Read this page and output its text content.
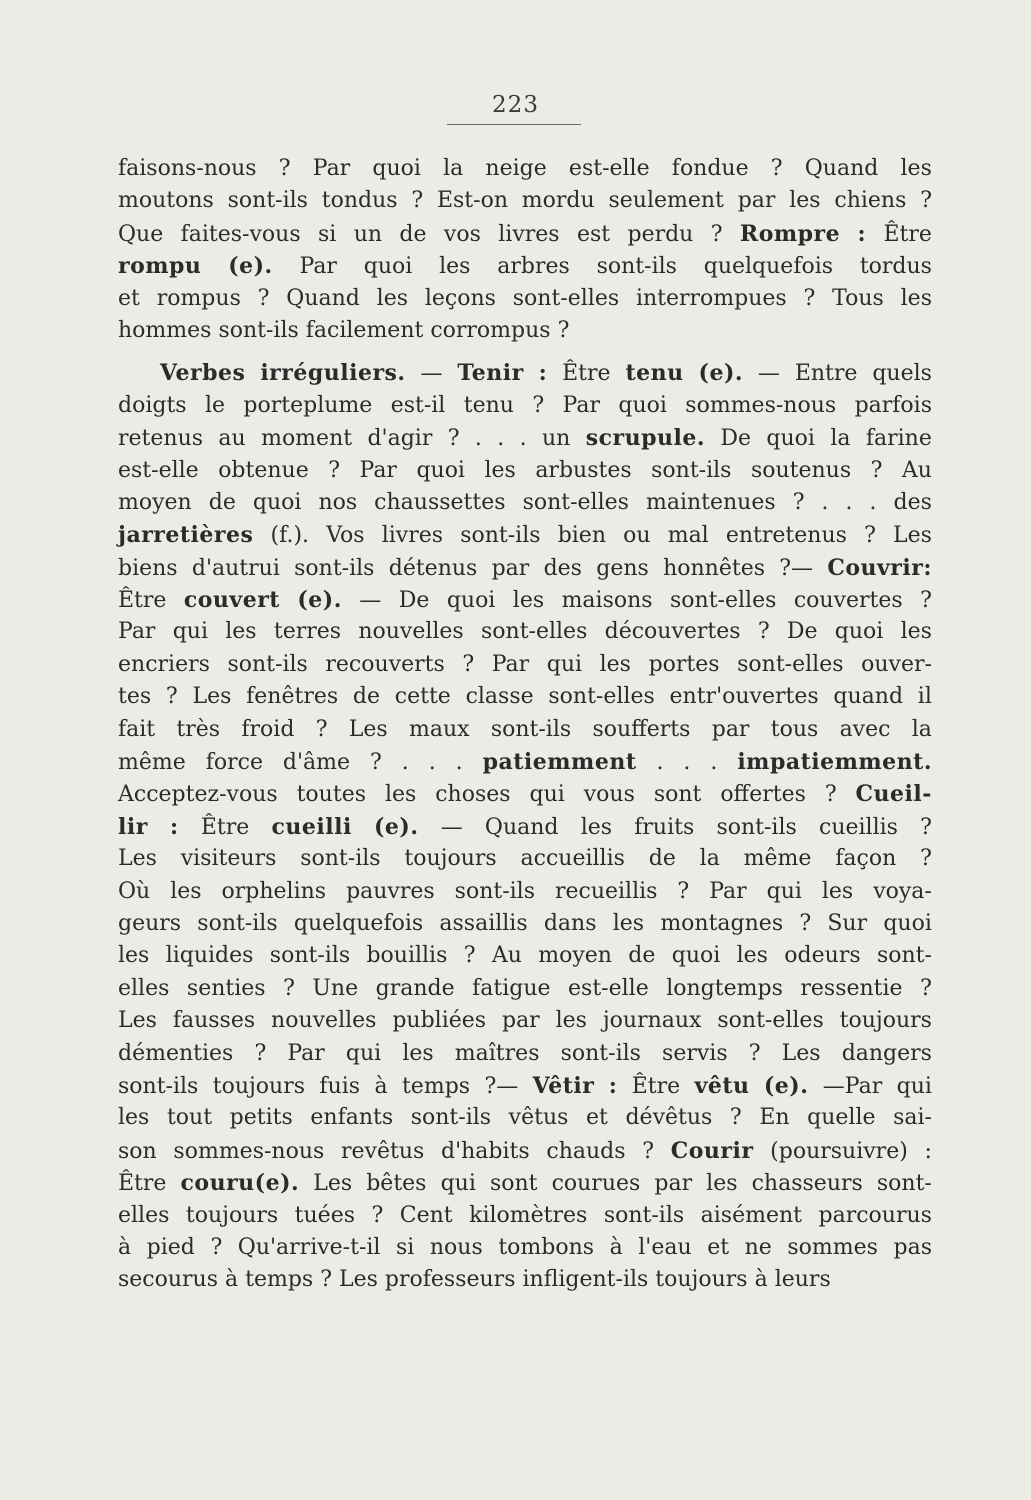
223
faisons-nous ? Par quoi la neige est-elle fondue ? Quand les
moutons sont-ils tondus ? Est-on mordu seulement par les chiens ?
Que faites-vous si un de vos livres est perdu ? Rompre : Être
rompu (e). Par quoi les arbres sont-ils quelquefois tordus
et rompus ? Quand les leçons sont-elles interrompues ? Tous les
hommes sont-ils facilement corrompus ?
Verbes irréguliers. — Tenir : Être tenu (e). — Entre quels
doigts le porteplume est-il tenu ? Par quoi sommes-nous parfois
retenus au moment d'agir ? . . . un scrupule. De quoi la farine
est-elle obtenue ? Par quoi les arbustes sont-ils soutenus ? Au
moyen de quoi nos chaussettes sont-elles maintenues ? . . . des
jarretières (f.). Vos livres sont-ils bien ou mal entretenus ? Les
biens d'autrui sont-ils détenus par des gens honnêtes ?— Couvrir:
Être couvert (e). — De quoi les maisons sont-elles couvertes ?
Par qui les terres nouvelles sont-elles découvertes ? De quoi les
encriers sont-ils recouverts ? Par qui les portes sont-elles ouver-
tes ? Les fenêtres de cette classe sont-elles entr'ouvertes quand il
fait très froid ? Les maux sont-ils soufferts par tous avec la
même force d'âme ? . . . patiemment . . . impatiemment.
Acceptez-vous toutes les choses qui vous sont offertes ? Cueil-
lir : Être cueilli (e). — Quand les fruits sont-ils cueillis ?
Les visiteurs sont-ils toujours accueillis de la même façon ?
Où les orphelins pauvres sont-ils recueillis ? Par qui les voya-
geurs sont-ils quelquefois assaillis dans les montagnes ? Sur quoi
les liquides sont-ils bouillis ? Au moyen de quoi les odeurs sont-
elles senties ? Une grande fatigue est-elle longtemps ressentie ?
Les fausses nouvelles publiées par les journaux sont-elles toujours
démenties ? Par qui les maîtres sont-ils servis ? Les dangers
sont-ils toujours fuis à temps ?— Vêtir : Être vêtu (e). —Par qui
les tout petits enfants sont-ils vêtus et dévêtus ? En quelle sai-
son sommes-nous revêtus d'habits chauds ? Courir (poursuivre) :
Être couru(e). Les bêtes qui sont courues par les chasseurs sont-
elles toujours tuées ? Cent kilomètres sont-ils aisément parcourus
à pied ? Qu'arrive-t-il si nous tombons à l'eau et ne sommes pas
secourus à temps ? Les professeurs infligent-ils toujours à leurs
